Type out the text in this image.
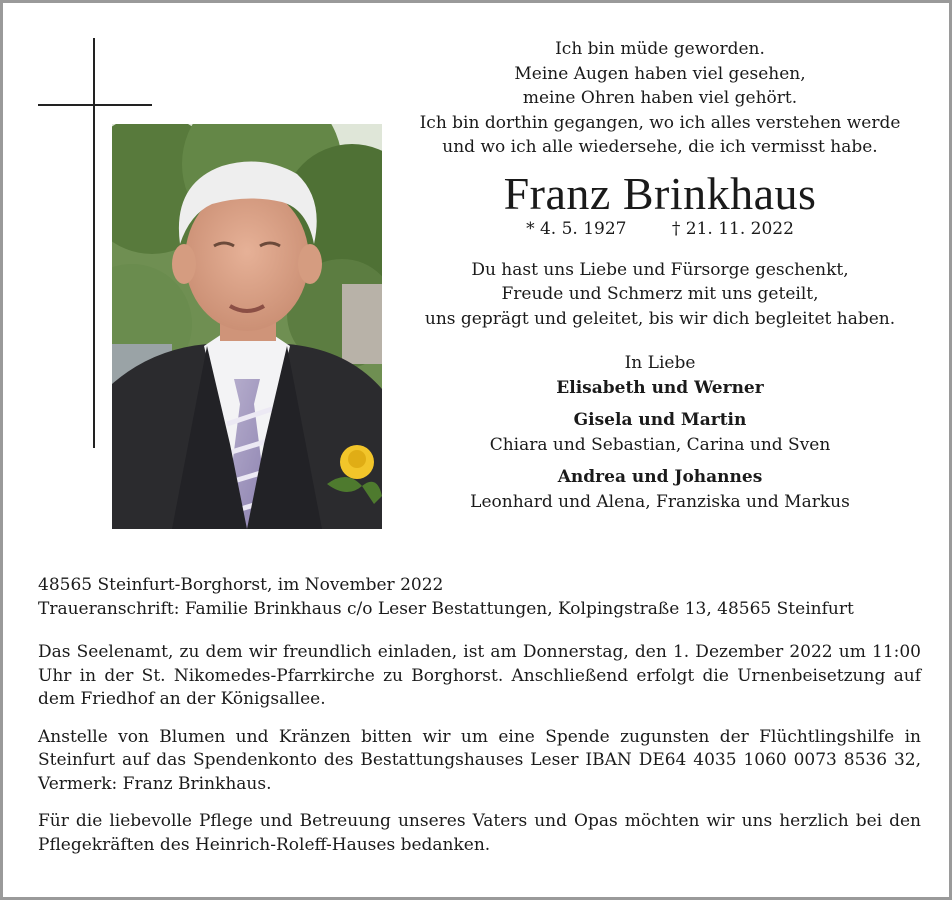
Ich bin müde geworden.
Meine Augen haben viel gesehen,
meine Ohren haben viel gehört.
Ich bin dorthin gegangen, wo ich alles verstehen werde
und wo ich alle wiedersehe, die ich vermisst habe.
Franz Brinkhaus
* 4. 5. 1927	† 21. 11. 2022
Du hast uns Liebe und Fürsorge geschenkt,
Freude und Schmerz mit uns geteilt,
uns geprägt und geleitet, bis wir dich begleitet haben.
In Liebe
Elisabeth und Werner
Gisela und Martin
Chiara und Sebastian, Carina und Sven
Andrea und Johannes
Leonhard und Alena, Franziska und Markus

48565 Steinfurt-Borghorst, im November 2022

Traueranschrift: Familie Brinkhaus c/o Leser Bestattungen, Kolpingstraße 13, 48565 Steinfurt

Das Seelenamt, zu dem wir freundlich einladen, ist am Donnerstag, den 1. Dezember 2022 um 11:00 Uhr in der St. Nikomedes-Pfarrkirche zu Borghorst. Anschließend erfolgt die Urnenbeisetzung auf dem Friedhof an der Königsallee.

Anstelle von Blumen und Kränzen bitten wir um eine Spende zugunsten der Flüchtlingshilfe in Steinfurt auf das Spendenkonto des Bestattungshauses Leser IBAN DE64 4035 1060 0073 8536 32, Vermerk: Franz Brinkhaus.

Für die liebevolle Pflege und Betreuung unseres Vaters und Opas möchten wir uns herzlich bei den Pflegekräften des Heinrich-Roleff-Hauses bedanken.
